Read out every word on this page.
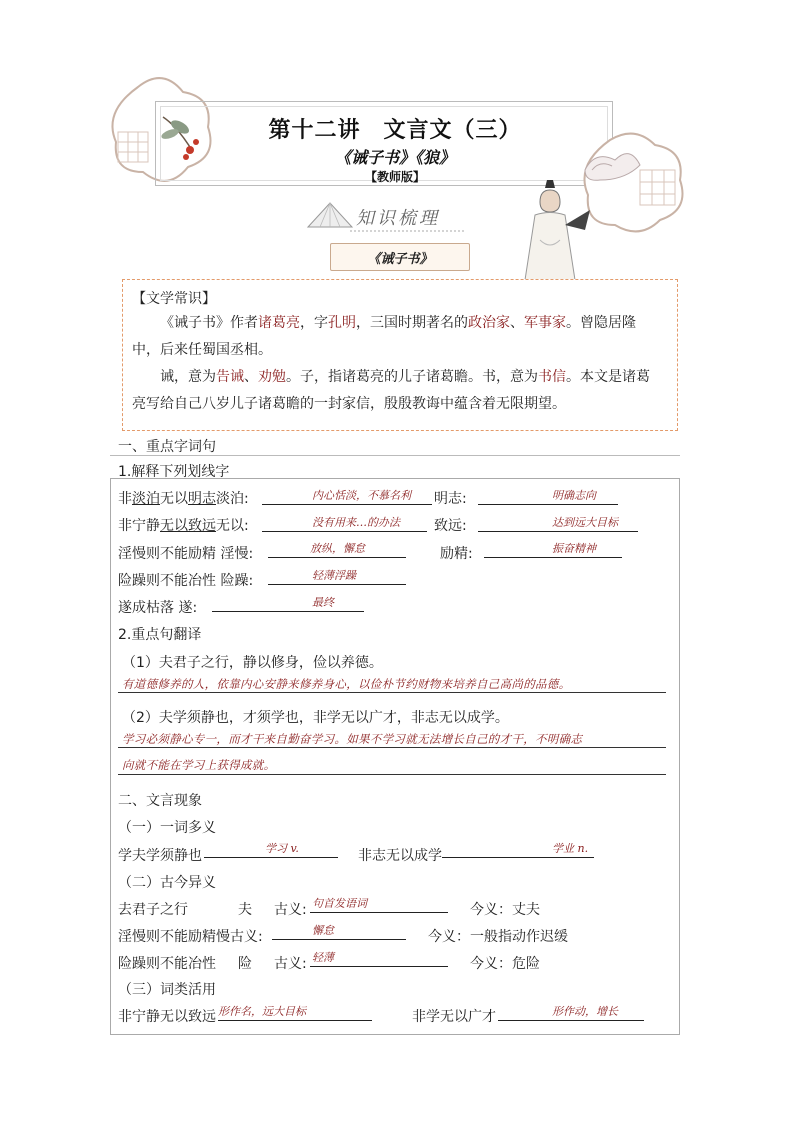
第十二讲　文言文（三）
《诫子书》《狼》
【教师版】
知识梳理
《诫子书》
【文学常识】
《诫子书》作者诸葛亮，字孔明，三国时期著名的政治家、军事家。曾隐居隆中，后来任蜀国丞相。
诫，意为告诫、劝勉。子，指诸葛亮的儿子诸葛瞻。书，意为书信。本文是诸葛亮写给自己八岁儿子诸葛瞻的一封家信，殷殷教诲中蕴含着无限期望。
一、重点字词句
1.解释下列划线字
非淡泊无以明志淡泊:	内心恬淡，不慕名利 明志:	明确志向
非宁静无以致远无以:	没有用来…的办法 致远:	达到远大目标
淫慢则不能励精 淫慢:	放纵，懈怠	励精:	振奋精神
险躁则不能冶性 险躁:	轻薄浮躁
遂成枯落 遂:	最终
2.重点句翻译
（1）夫君子之行，静以修身，俭以养德。
有道德修养的人，依靠内心安静来修养身心，以俭朴节约财物来培养自己高尚的品德。
（2）夫学须静也，才须学也，非学无以广才，非志无以成学。
学习必须静心专一，而才干来自勤奋学习。如果不学习就无法增长自己的才干，不明确志
向就不能在学习上获得成就。
二、文言现象
（一）一词多义
学夫学须静也	学习 v.	非志无以成学	学业 n.
（二）古今异义
去君子之行	夫 古义: 句首发语词	今义：丈夫
淫慢则不能励精慢古义:	懈怠	今义：一般指动作迟缓
险躁则不能冶性 险 古义: 轻薄	今义：危险
（三）词类活用
非宁静无以致远 形作名，远大目标	非学无以广才	形作动，增长
